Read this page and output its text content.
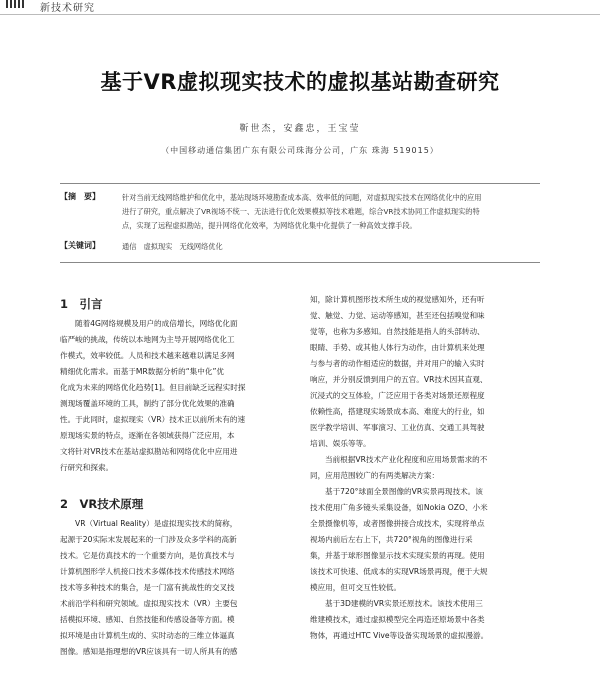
新技术研究
基于VR虚拟现实技术的虚拟基站勘查研究
靳世杰，安鑫忠，王宝莹
（中国移动通信集团广东有限公司珠海分公司，广东 珠海 519015）
【摘　要】	针对当前无线网络维护和优化中，基站现场环境勘查成本高、效率低的问题，对虚拟现实技术在网络优化中的应用

进行了研究，重点解决了VR视场不统一、无法进行优化效果模拟等技术难题，综合VR技术协同工作虚拟现实的特

点，实现了远程虚拟勘站，提升网络优化效率，为网络优化集中化提供了一种高效支撑手段。

【关键词】	通信　虚拟现实　无线网络优化

1　引言

随着4G网络规模及用户的成倍增长，网络优化面

临严峻的挑战，传统以本地网为主导开展网络优化工

作模式，效率较低。人员和技术越来越难以满足多网

精细优化需求。而基于MR数据分析的“集中化”优

化成为未来的网络优化趋势[1]。但目前缺乏远程实时探

测现场覆盖环境的工具，制约了部分优化效果的准确

性。于此同时，虚拟现实（VR）技术正以前所未有的速

原现场实景的特点，逐渐在各领域获得广泛应用，本

文将针对VR技术在基站虚拟勘站和网络优化中应用进

行研究和探索。

2　VR技术原理

VR（Virtual Reality）是虚拟现实技术的简称，

起源于20实际末发展起来的一门涉及众多学科的高新

技术。它是仿真技术的一个重要方向，是仿真技术与

计算机图形学人机接口技术多媒体技术传感技术网络

技术等多种技术的集合，是一门富有挑战性的交叉技

术前沿学科和研究领域。虚拟现实技术（VR）主要包

括模拟环境、感知、自然技能和传感设备等方面。模

拟环境是由计算机生成的、实时动态的三维立体逼真

图像。感知是指理想的VR应该具有一切人所具有的感

知，除计算机图形技术所生成的视觉感知外，还有听

觉、触觉、力觉、运动等感知，甚至还包括嗅觉和味

觉等，也称为多感知。自然技能是指人的头部转动、

眼睛、手势、或其他人体行为动作，由计算机来处理

与参与者的动作相适应的数据，并对用户的输入实时

响应，并分别反馈到用户的五官。VR技术因其直观、

沉浸式的交互体验，广泛应用于各类对场景还原程度

依赖性高，搭建现实场景成本高、难度大的行业，如

医学教学培训、军事演习、工业仿真、交通工具驾驶

培训、娱乐等等。

当前根据VR技术产业化程度和应用场景需求的不

同，应用范围较广的有两类解决方案：

基于720°球面全景图像的VR实景再现技术。该

技术使用广角多镜头采集设备，如Nokia OZO、小米

全景摄像机等，或者图像拼接合成技术，实现将单点

视场内前后左右上下，共720°视角的图像进行采

集，并基于球形图像显示技术实现实景的再现。使用

该技术可快速、低成本的实现VR场景再现，便于大规

模应用，但可交互性较低。

基于3D建模的VR实景还原技术。该技术使用三

维建模技术，通过虚拟模型完全再造还原场景中各类

物体，再通过HTC Vive等设备实现场景的虚拟漫游。
